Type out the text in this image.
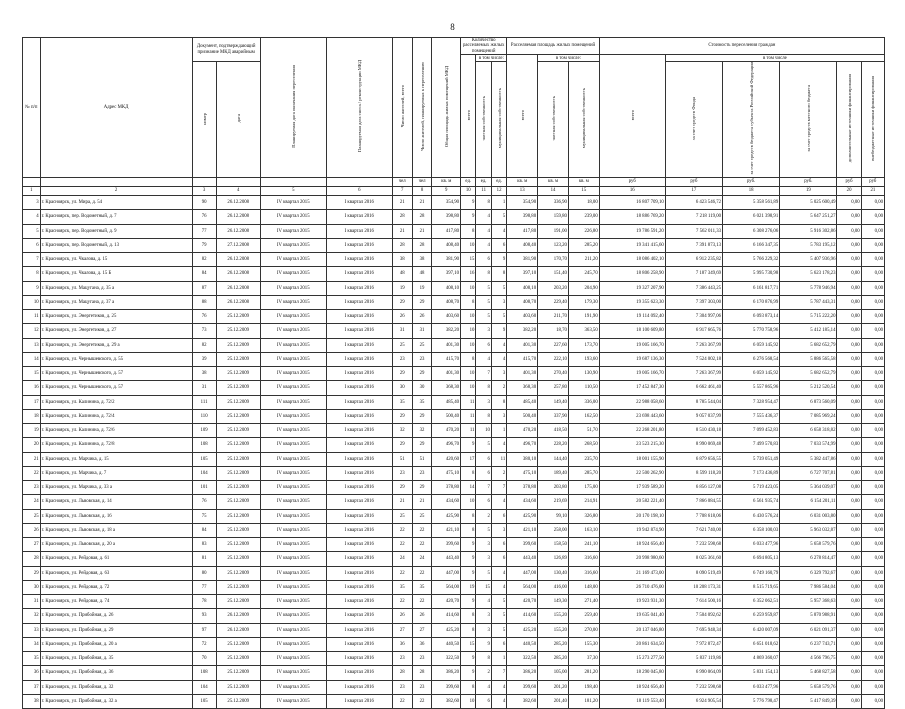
8
№ п/п	Адрес МКД	Документ, подтверждающий признание МКД аварийным		Планируемая дата окончания переселения	Планируемая дата сноса / реконструкции МКД	Число жителей, всего	Число жителей, планируемых к переселению	Общая площадь жилых помещений МКД	Количество расселяемых жилых помещений			Расселяемая площадь жилых помещений			Стоимость переселения граждан					
									всего	в том числе:		всего	в том числе:		всего	в том числе				
		номер	дата							частная собственность	муниципальная собственность		частная собственность	муниципальная собственность		за счет средств Фонда	за счет средств бюджета субъекта Российской Федерации	за счет средств местного бюджета	дополнительные источники финансирования	внебюджетные источники финансирования
						чел	чел	кв. м	ед.	ед.	ед.	кв. м	кв. м	кв. м	руб	руб	руб.	руб.	руб	руб
1	2	3	4	5	6	7	8	9	10	11	12	13	14	15	16	17	18	19	20	21
3	г. Красноярск, ул. Мира, д. 54	90	26.12.2008	IV квартал 2015	I квартал 2016	21	21	354,90	9	8	1	354,90	336,90	18,00	16 807 709,10	6 423 546,72	5 358 561,89	5 025 600,49	0,00	0,00
4	г. Красноярск, пер. Водометный, д. 7	76	26.12.2008	IV квартал 2015	I квартал 2016	28	28	398,80	9	4	5	398,80	159,80	239,00	18 886 769,20	7 218 119,00	6 021 398,91	5 647 251,27	0,00	0,00
5	г. Красноярск, пер. Водометный, д. 9	77	26.12.2008	IV квартал 2015	I квартал 2016	21	21	417,80	8	4	4	417,80	191,00	226,80	19 786 591,20	7 562 011,33	6 308 276,06	5 916 302,86	0,00	0,00
6	г. Красноярск, пер. Водометный, д. 13	79	27.12.2008	IV квартал 2015	I квартал 2016	28	28	408,40	10	4	6	408,40	123,20	285,20	19 341 415,60	7 391 873,13	6 166 347,35	5 783 195,12	0,00	0,00
7	г. Красноярск, ул. Чкалова, д. 15	82	26.12.2008	IV квартал 2015	I квартал 2016	38	38	381,90	15	6	9	381,90	170,70	211,20	18 086 402,10	6 912 235,82	5 766 229,32	5 407 936,96	0,00	0,00
8	г. Красноярск, ул. Чкалова, д. 15 Б	84	26.12.2008	IV квартал 2015	I квартал 2016	48	48	397,10	16	8	8	397,10	151,40	245,70	18 806 258,90	7 187 349,69	5 995 730,98	5 623 178,23	0,00	0,00
9	г. Красноярск, ул. Мацугана, д. 35 а	87	26.12.2008	IV квартал 2015	I квартал 2016	19	19	408,10	10	5	5	408,10	203,20	204,90	19 327 207,90	7 386 443,25	6 161 817,71	5 778 946,94	0,00	0,00
10	г. Красноярск, ул. Мацугана, д. 37 а	88	26.12.2008	IV квартал 2015	I квартал 2016	29	29	408,70	8	5	3	408,70	229,40	179,30	19 355 623,30	7 397 303,00	6 170 876,99	5 787 443,31	0,00	0,00
11	г. Красноярск, ул. Энергетиков, д. 25	76	25.12.2009	IV квартал 2015	I квартал 2016	26	26	403,60	10	5	5	403,60	211,70	191,90	19 114 092,40	7 304 997,06	6 093 873,14	5 715 222,20	0,00	0,00
12	г. Красноярск, ул. Энергетиков, д. 27	73	25.12.2009	IV квартал 2015	I квартал 2016	31	31	382,20	10	3	9	382,20	18,70	363,50	18 100 609,80	6 917 665,76	5 770 758,96	5 412 185,14	0,00	0,00
13	г. Красноярск, ул. Энергетиков, д. 29 а	82	25.12.2009	IV квартал 2015	I квартал 2016	25	25	401,30	10	6	4	401,30	227,60	173,70	19 005 166,70	7 263 367,99	6 059 145,92	5 682 652,79	0,00	0,00
14	г. Красноярск, ул. Чернышевского, д. 55	39	25.12.2009	IV квартал 2015	I квартал 2016	23	23	415,70	8	4	4	415,70	222,10	193,60	19 687 136,30	7 524 002,18	6 276 568,54	5 886 565,58	0,00	0,00
15	г. Красноярск, ул. Чернышевского, д. 57	38	25.12.2009	IV квартал 2015	I квартал 2016	29	29	401,30	10	7	3	401,30	270,40	130,90	19 005 166,70	7 263 367,99	6 059 145,92	5 682 652,79	0,00	0,00
16	г. Красноярск, ул. Чернышевского, д. 57	31	25.12.2009	IV квартал 2015	I квартал 2016	30	30	368,30	10	8	2	368,30	257,80	110,50	17 452 847,30	6 662 461,40	5 557 865,96	5 212 520,54	0,00	0,00
17	г. Красноярск, ул. Калинина, д. 72/2	111	25.12.2009	IV квартал 2015	I квартал 2016	35	35	485,40	11	3	8	485,40	149,40	336,00	22 988 058,60	8 785 544,04	7 328 954,47	6 873 560,09	0,00	0,00
18	г. Красноярск, ул. Калинина, д. 72/4	110	25.12.2009	IV квартал 2015	I квартал 2016	29	29	500,40	11	8	3	500,40	337,90	162,50	23 698 443,60	9 057 037,99	7 555 436,37	7 085 969,24	0,00	0,00
19	г. Красноярск, ул. Калинина, д. 72/6	109	25.12.2009	IV квартал 2015	I квартал 2016	32	32	470,20	11	10	1	470,20	418,50	51,70	22 268 201,80	8 510 430,18	7 099 452,83	6 658 318,82	0,00	0,00
20	г. Красноярск, ул. Калинина, д. 72/8	108	25.12.2009	IV квартал 2015	I квартал 2016	29	29	496,70	9	5	4	496,70	228,20	268,50	23 523 215,30	8 990 069,48	7 499 570,83	7 033 574,99	0,00	0,00
21	г. Красноярск, ул. Марчика, д. 15	105	25.12.2009	IV квартал 2015	I квартал 2016	51	51	420,60	17	6	11	380,10	144,40	235,70	18 001 155,90	6 879 656,55	5 739 051,49	5 382 447,86	0,00	0,00
22	г. Красноярск, ул. Марчика, д. 7	104	25.12.2009	IV квартал 2015	I квартал 2016	23	23	475,10	8	6	2	475,10	189,40	285,70	22 500 262,90	8 599 118,20	7 173 436,89	6 727 707,81	0,00	0,00
23	г. Красноярск, ул. Марчика, д. 33 а	101	25.12.2009	IV квартал 2015	I квартал 2016	29	29	378,80	14	7	7	378,80	203,80	175,00	17 939 589,20	6 856 127,08	5 719 423,05	5 364 039,07	0,00	0,00
24	г. Красноярск, ул. Львовская, д. 14	76	25.12.2009	IV квартал 2015	I квартал 2016	21	21	434,60	10	6	4	434,60	219,69	214,91	20 582 221,40	7 866 084,55	6 561 935,74	6 154 201,11	0,00	0,00
25	г. Красноярск, ул. Львовская, д. 16	75	25.12.2009	IV квартал 2015	I квартал 2016	25	25	425,90	8	2	6	425,90	99,10	326,80	20 170 198,10	7 708 618,06	6 430 576,24	6 031 003,80	0,00	0,00
26	г. Красноярск, ул. Львовская, д. 18 а	84	25.12.2009	IV квартал 2015	I квартал 2016	22	22	421,10	8	5	3	421,10	258,00	163,10	19 942 874,90	7 621 740,00	6 358 100,03	5 963 032,87	0,00	0,00
27	г. Красноярск, ул. Львовская, д. 20 а	83	25.12.2009	IV квартал 2015	I квартал 2016	22	22	399,60	9	3	6	399,60	158,50	241,10	18 924 656,40	7 232 598,68	6 033 477,96	5 658 579,76	0,00	0,00
28	г. Красноярск, ул. Рейдовая, д. 61	81	25.12.2009	IV квартал 2015	I квартал 2016	24	24	443,40	9	3	6	443,40	126,89	316,60	20 998 980,60	8 025 361,60	6 694 805,13	6 278 814,47	0,00	0,00
29	г. Красноярск, ул. Рейдовая, д. 63	80	25.12.2009	IV квартал 2015	I квартал 2016	22	22	447,00	9	5	4	447,00	130,40	316,60	21 169 473,00	8 090 519,49	6 749 160,79	6 329 792,67	0,00	0,00
30	г. Красноярск, ул. Рейдовая, д. 72	77	25.12.2009	IV квартал 2015	I квартал 2016	35	35	564,00	19	15	4	564,00	416,00	148,00	26 710 476,00	10 208 173,31	8 515 719,65	7 986 584,04	0,00	0,00
31	г. Красноярск, ул. Рейдовая, д. 74	78	25.12.2009	IV квартал 2015	I квартал 2016	22	22	420,70	9	4	5	420,70	149,30	271,40	19 923 931,30	7 614 500,16	6 352 062,51	5 957 368,63	0,00	0,00
32	г. Красноярск, ул. Прибойная, д. 26	93	26.12.2009	IV квартал 2015	I квартал 2016	26	26	414,60	8	3	5	414,60	155,20	259,40	19 635 041,40	7 504 092,62	6 259 959,87	5 870 988,91	0,00	0,00
33	г. Красноярск, ул. Прибойная, д. 29	97	26.12.2009	IV квартал 2015	I квартал 2016	27	27	425,20	8	3	5	425,20	155,20	270,00	20 137 046,80	7 695 948,34	6 420 007,09	6 021 091,37	0,00	0,00
34	г. Красноярск, ул. Прибойная, д. 20 а	72	25.12.2009	IV квартал 2015	I квартал 2016	36	36	440,50	15	9	6	440,50	285,20	155,30	20 861 634,50	7 972 872,47	6 651 018,62	6 237 743,71	0,00	0,00
35	г. Красноярск, ул. Прибойная, д. 35	70	25.12.2009	IV квартал 2015	I квартал 2016	23	23	322,50	9	8	1	322,50	285,20	37,30	15 273 277,50	5 837 119,86	4 869 360,07	4 566 796,75	0,00	0,00
36	г. Красноярск, ул. Прибойная, д. 36	108	25.12.2009	IV квартал 2015	I квартал 2016	28	28	386,20	9	2	7	386,20	105,00	281,20	18 290 045,80	6 990 064,09	5 831 154,13	5 468 827,58	0,00	0,00
37	г. Красноярск, ул. Прибойная, д. 32	104	25.12.2009	IV квартал 2015	I квартал 2016	23	23	399,60	8	4	4	399,60	201,20	198,40	18 924 656,40	7 232 598,68	6 033 477,96	5 658 579,76	0,00	0,00
38	г. Красноярск, ул. Прибойная, д. 32 а	105	25.12.2009	IV квартал 2015	I квартал 2016	22	22	382,60	10	6	4	382,60	201,40	181,20	18 119 553,40	6 924 905,54	5 776 798,47	5 417 849,39	0,00	0,00
